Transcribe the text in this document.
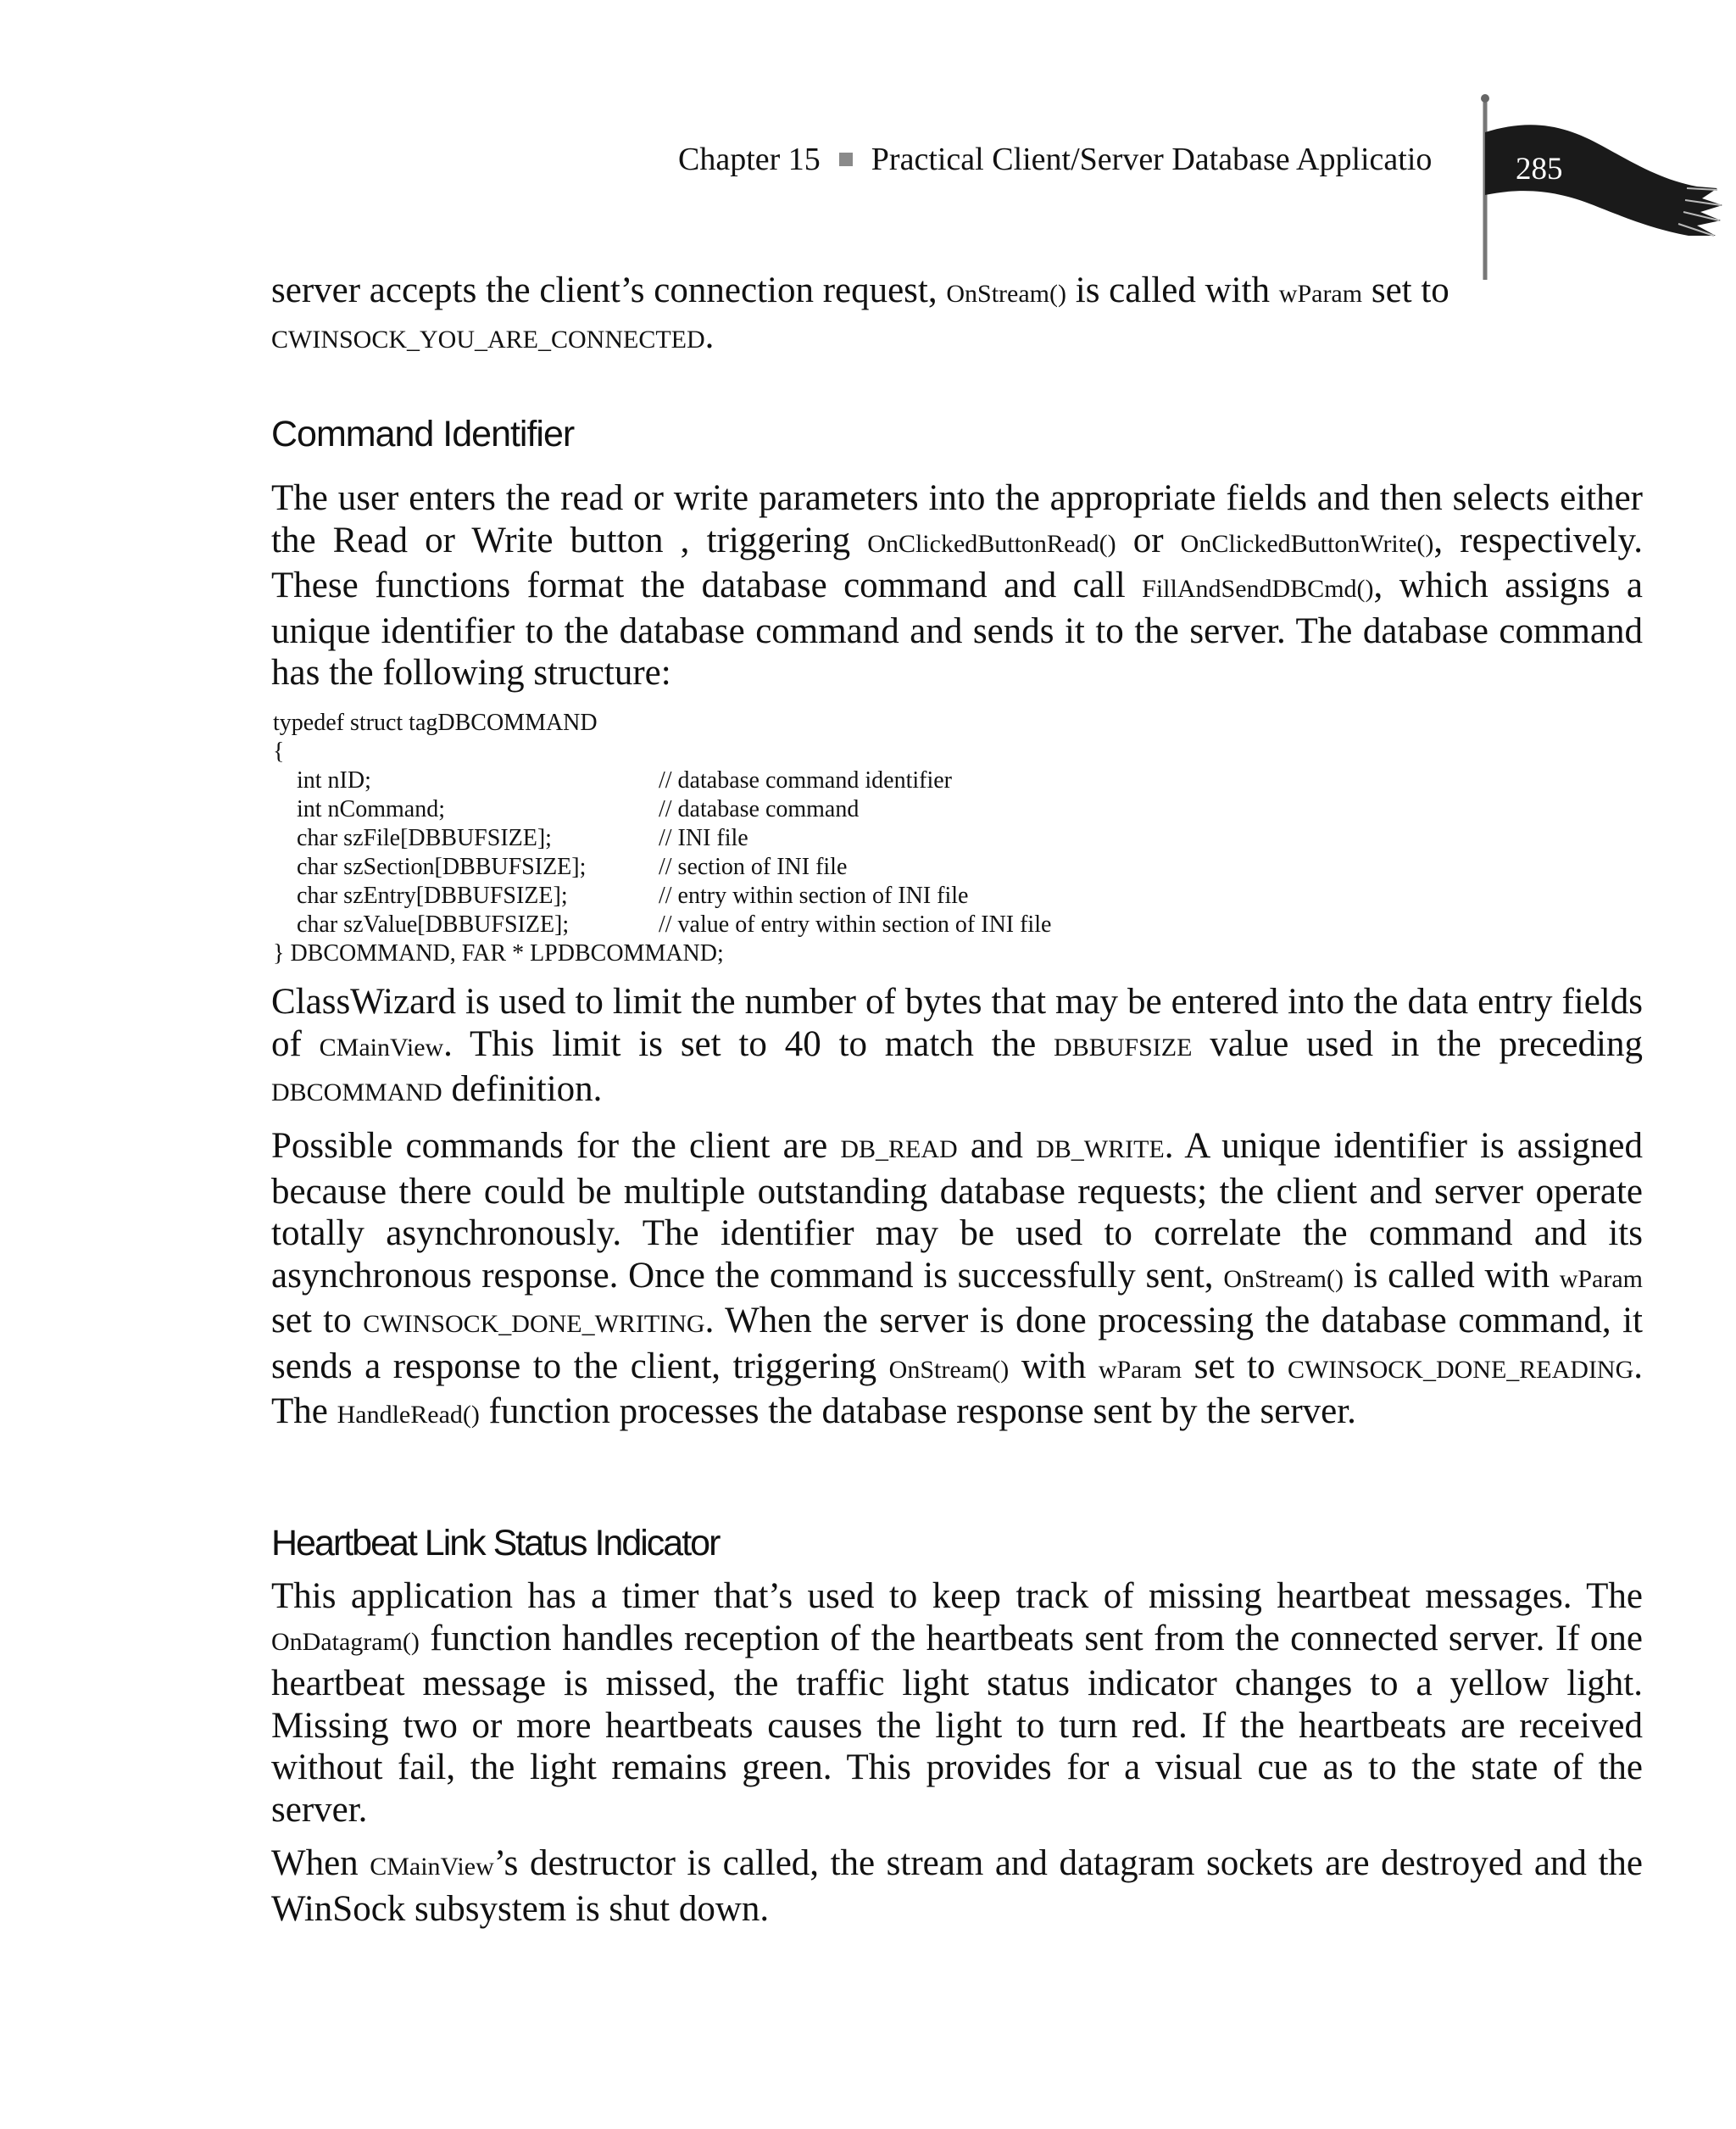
Chapter 15 Practical Client/Server Database Applicatio	285
server accepts the client’s connection request, OnStream() is called with wParam set to
CWINSOCK_YOU_ARE_CONNECTED.
Command Identifier
The user enters the read or write parameters into the appropriate fields and then selects either the Read or Write button , triggering OnClickedButtonRead() or OnClickedButtonWrite(), respectively. These functions format the database command and call FillAndSendDBCmd(), which assigns a unique identifier to the database command and sends it to the server. The database command has the following structure:
typedef struct tagDBCOMMAND
{
int nID;	// database command identifier
int nCommand;	// database command
char szFile[DBBUFSIZE];	// INI file
char szSection[DBBUFSIZE];	// section of INI file
char szEntry[DBBUFSIZE];	// entry within section of INI file
char szValue[DBBUFSIZE];	// value of entry within section of INI file
} DBCOMMAND, FAR * LPDBCOMMAND;
ClassWizard is used to limit the number of bytes that may be entered into the data entry fields of CMainView. This limit is set to 40 to match the DBBUFSIZE value used in the preceding DBCOMMAND definition.
Possible commands for the client are DB_READ and DB_WRITE. A unique identifier is assigned because there could be multiple outstanding database requests; the client and server operate totally asynchronously. The identifier may be used to correlate the command and its asynchronous response. Once the command is successfully sent, OnStream() is called with wParam set to CWINSOCK_DONE_WRITING. When the server is done processing the database command, it sends a response to the client, triggering OnStream() with wParam set to CWINSOCK_DONE_READING. The HandleRead() function processes the database response sent by the server.
Heartbeat Link Status Indicator
This application has a timer that’s used to keep track of missing heartbeat messages. The OnDatagram() function handles reception of the heartbeats sent from the connected server. If one heartbeat message is missed, the traffic light status indicator changes to a yellow light. Missing two or more heartbeats causes the light to turn red. If the heartbeats are received without fail, the light remains green. This provides for a visual cue as to the state of the server.
When CMainView’s destructor is called, the stream and datagram sockets are destroyed and the WinSock subsystem is shut down.
